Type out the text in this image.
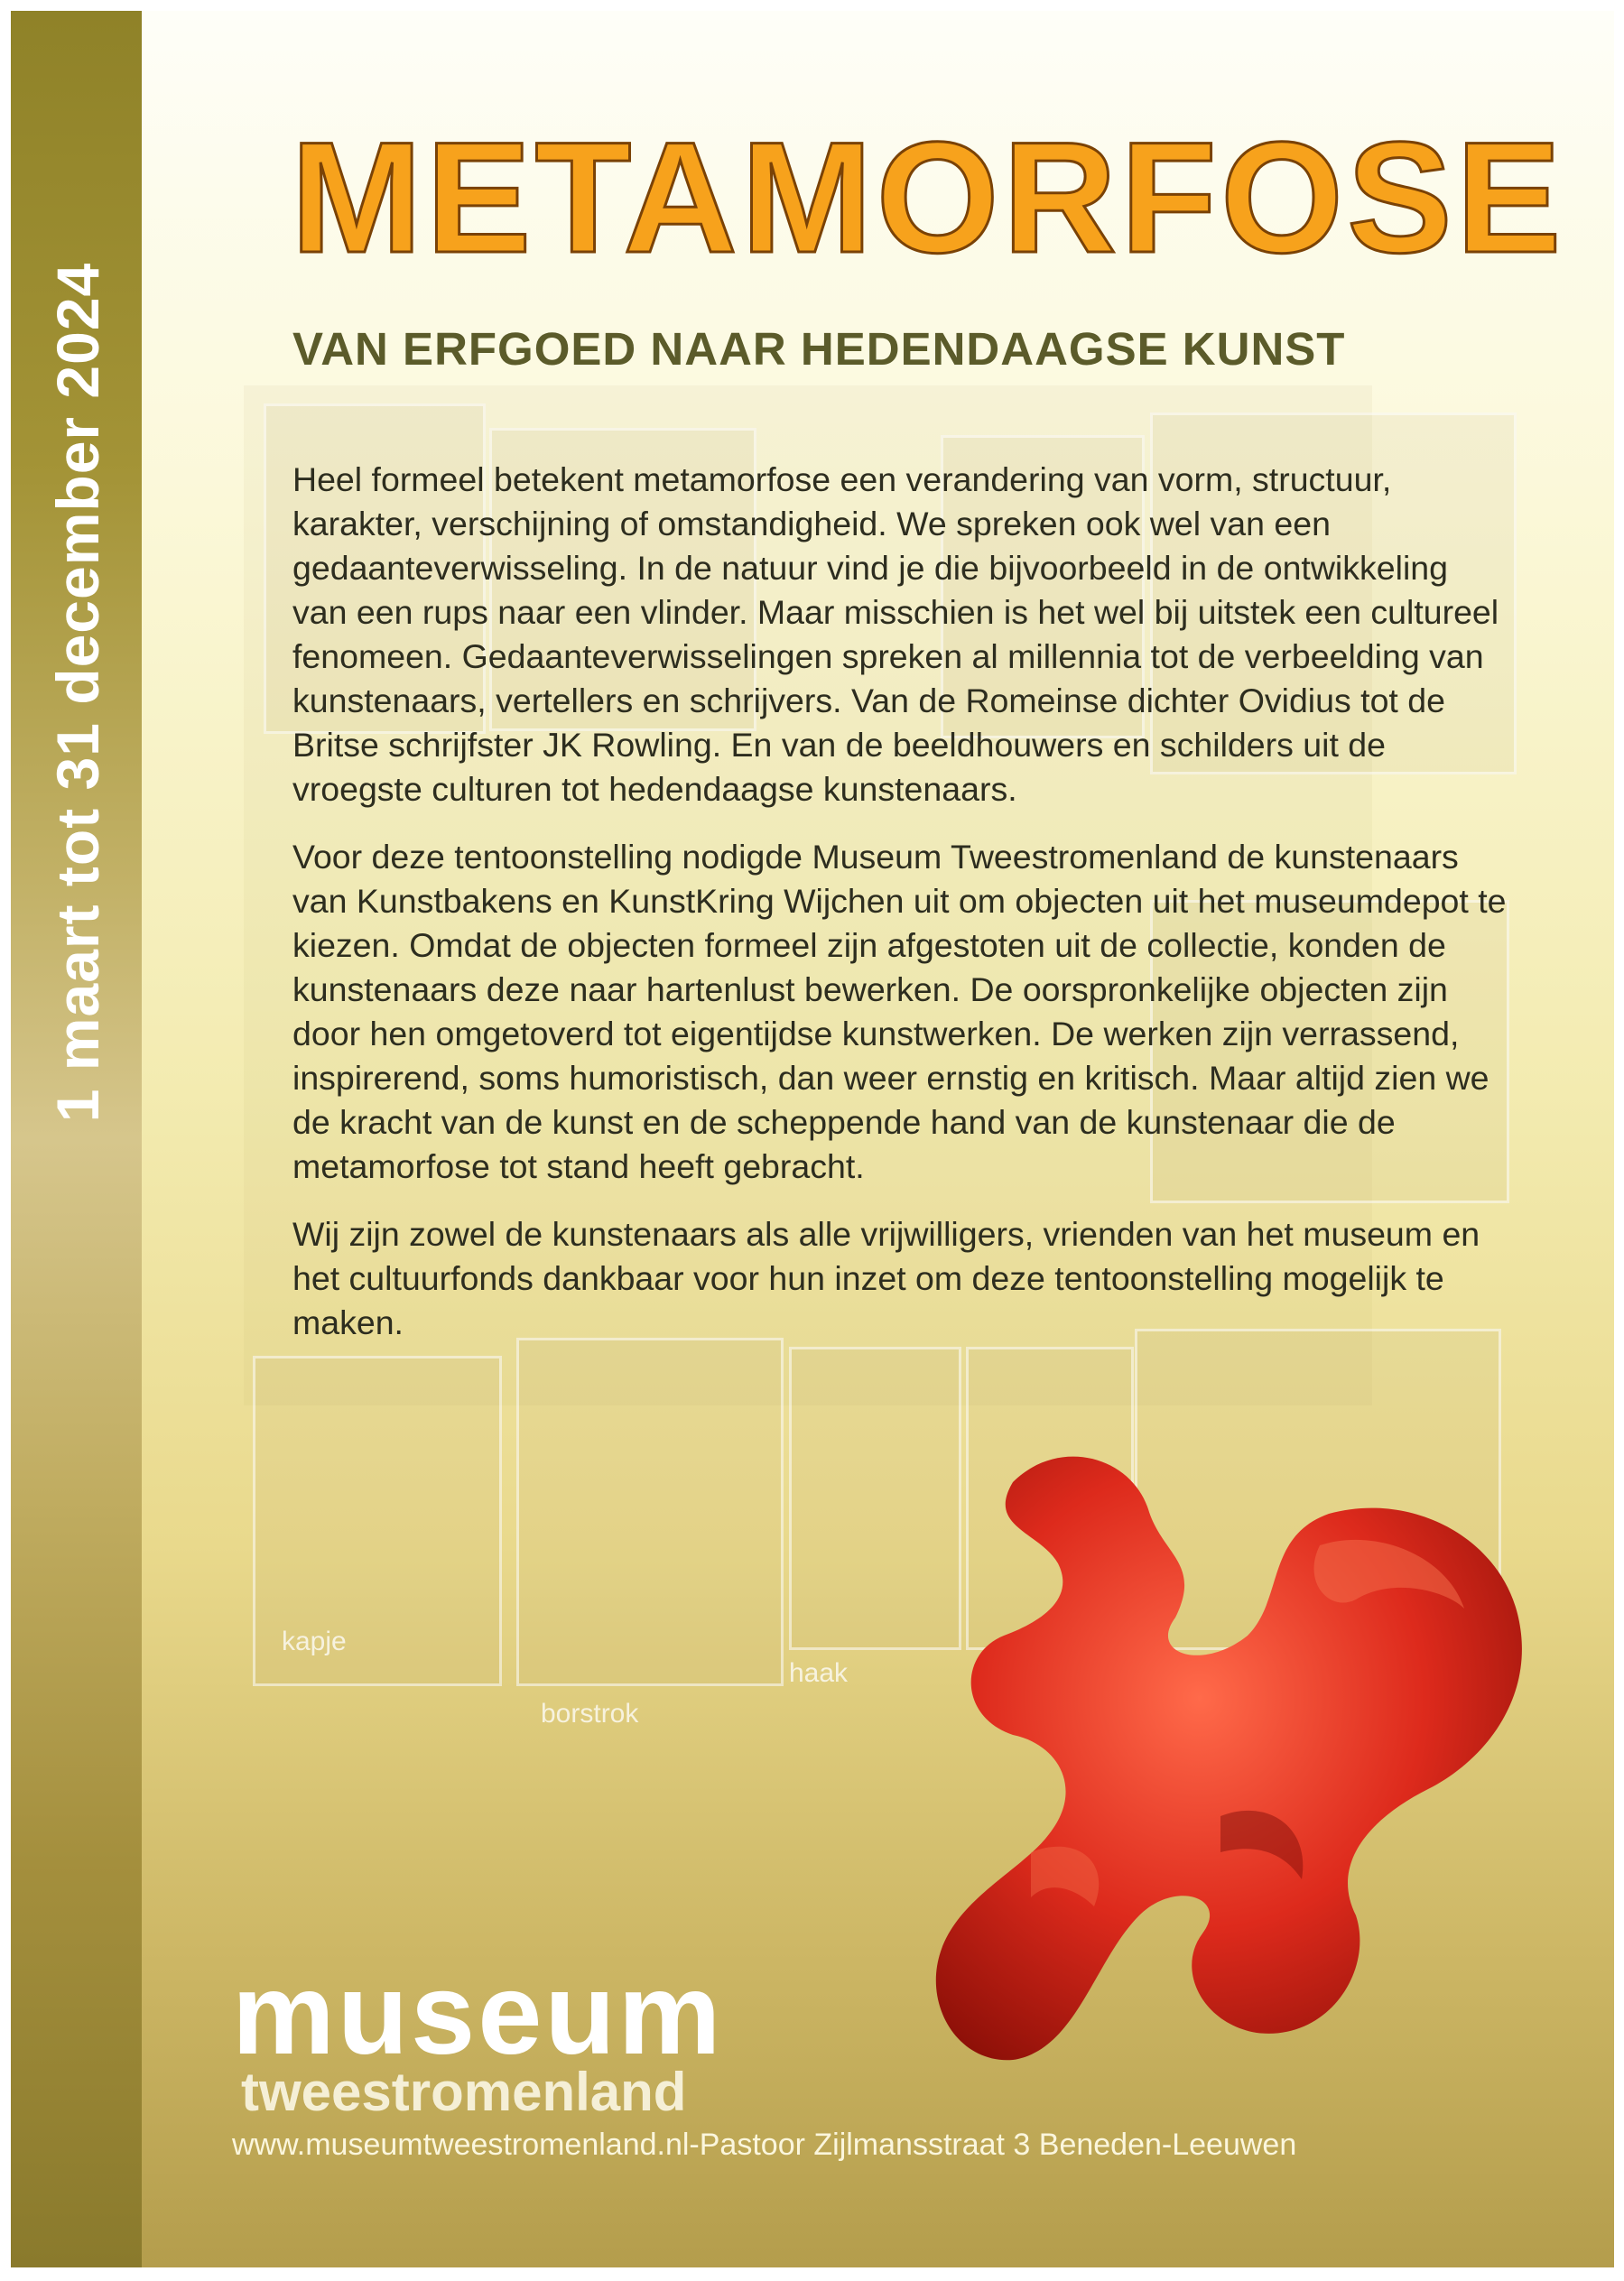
kapje
borstrok
haak
1 maart tot 31 december 2024
METAMORFOSE
VAN ERFGOED NAAR HEDENDAAGSE KUNST

Heel formeel betekent metamorfose een verandering van vorm, structuur, karakter, verschijning of omstandigheid. We spreken ook wel van een gedaanteverwisseling. In de natuur vind je die bijvoorbeeld in de ontwikkeling van een rups naar een vlinder. Maar misschien is het wel bij uitstek een cultureel fenomeen. Gedaanteverwisselingen spreken al millennia tot de verbeelding van kunstenaars, vertellers en schrijvers. Van de Romeinse dichter Ovidius tot de Britse schrijfster JK Rowling. En van de beeldhouwers en schilders uit de vroegste culturen tot hedendaagse kunstenaars.

Voor deze tentoonstelling nodigde Museum Tweestromenland de kunstenaars van Kunstbakens en KunstKring Wijchen uit om objecten uit het museumdepot te kiezen. Omdat de objecten formeel zijn afgestoten uit de collectie, konden de kunstenaars deze naar hartenlust bewerken. De oorspronkelijke objecten zijn door hen omgetoverd tot eigentijdse kunstwerken. De werken zijn verrassend, inspirerend, soms humoristisch, dan weer ernstig en kritisch. Maar altijd zien we de kracht van de kunst en de scheppende hand van de kunstenaar die de metamorfose tot stand heeft gebracht.

Wij zijn zowel de kunstenaars als alle vrijwilligers, vrienden van het museum en het cultuurfonds dankbaar voor hun inzet om deze tentoonstelling mogelijk te maken.

museum
tweestromenland
www.museumtweestromenland.nl-Pastoor Zijlmansstraat 3 Beneden-Leeuwen
